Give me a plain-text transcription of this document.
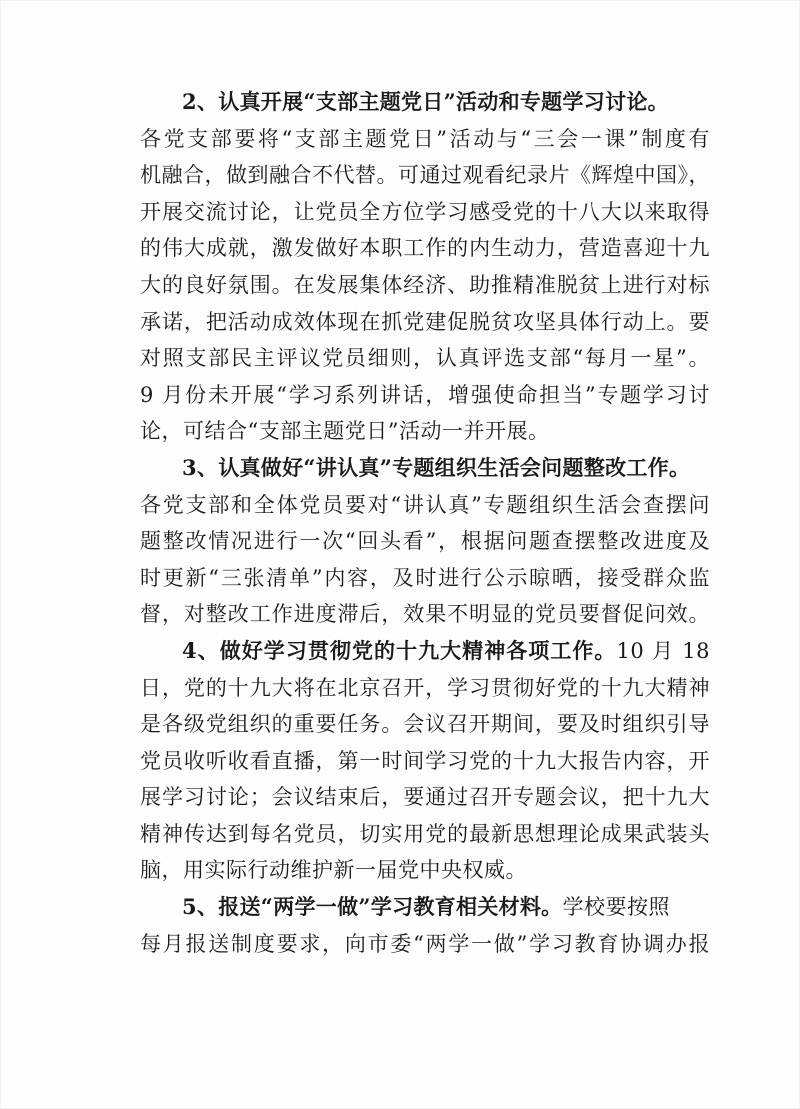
2、认真开展“支部主题党日”活动和专题学习讨论。
各党支部要将“支部主题党日”活动与“三会一课”制度有
机融合，做到融合不代替。可通过观看纪录片《辉煌中国》，
开展交流讨论，让党员全方位学习感受党的十八大以来取得
的伟大成就，激发做好本职工作的内生动力，营造喜迎十九
大的良好氛围。在发展集体经济、助推精准脱贫上进行对标
承诺，把活动成效体现在抓党建促脱贫攻坚具体行动上。要
对照支部民主评议党员细则，认真评选支部“每月一星”。
9 月份未开展“学习系列讲话，增强使命担当”专题学习讨
论，可结合“支部主题党日”活动一并开展。
3、认真做好“讲认真”专题组织生活会问题整改工作。
各党支部和全体党员要对“讲认真”专题组织生活会查摆问
题整改情况进行一次“回头看”，根据问题查摆整改进度及
时更新“三张清单”内容，及时进行公示晾晒，接受群众监
督，对整改工作进度滞后，效果不明显的党员要督促问效。
4、做好学习贯彻党的十九大精神各项工作。10 月 18
日，党的十九大将在北京召开，学习贯彻好党的十九大精神
是各级党组织的重要任务。会议召开期间，要及时组织引导
党员收听收看直播，第一时间学习党的十九大报告内容，开
展学习讨论；会议结束后，要通过召开专题会议，把十九大
精神传达到每名党员，切实用党的最新思想理论成果武装头
脑，用实际行动维护新一届党中央权威。
5、报送“两学一做”学习教育相关材料。学校要按照
每月报送制度要求，向市委“两学一做”学习教育协调办报
